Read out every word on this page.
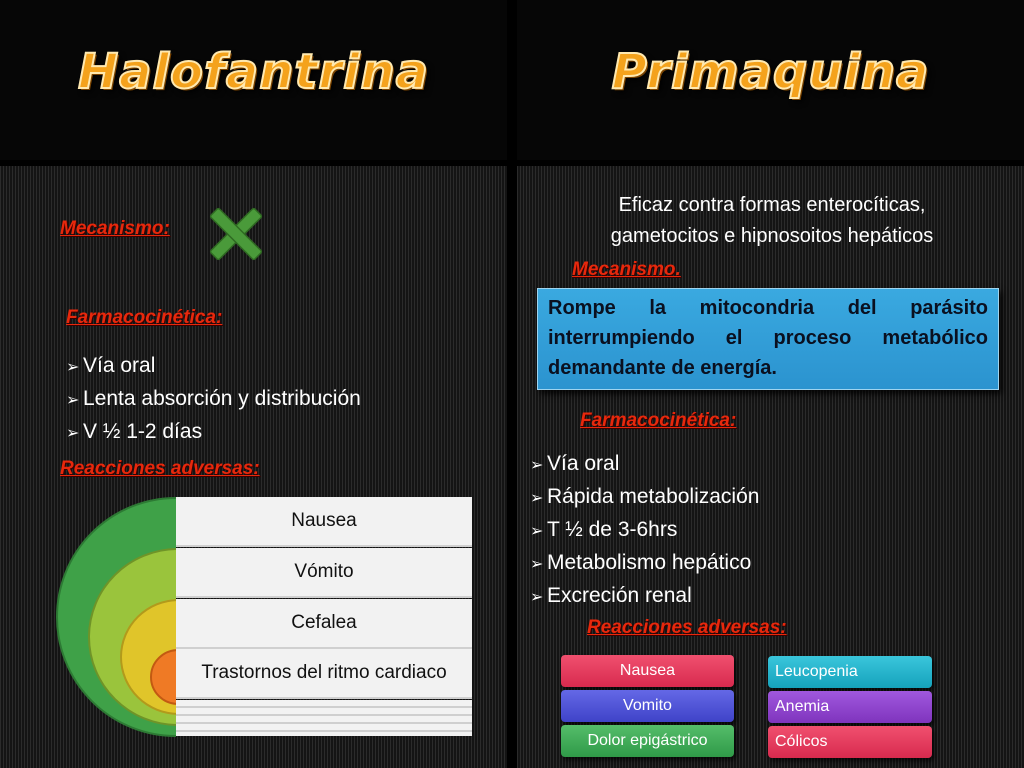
Halofantrina	Primaquina
Mecanismo:
Farmacocinética:
➢ Vía oral
➢ Lenta absorción y distribución
➢ V ½ 1-2 días
Reacciones adversas:
Nausea
Vómito
Cefalea
Trastornos del ritmo cardiaco
Eficaz contra formas enterocíticas, gametocitos e hipnosoitos hepáticos
Mecanismo.
Rompe la mitocondria del parásito interrumpiendo el proceso metabólico demandante de energía.
Farmacocinética:
➢ Vía oral
➢ Rápida metabolización
➢ T ½ de 3-6hrs
➢ Metabolismo hepático
➢ Excreción renal
Reacciones adversas:
Nausea
Vomito
Dolor epigástrico
Leucopenia
Anemia
Cólicos
